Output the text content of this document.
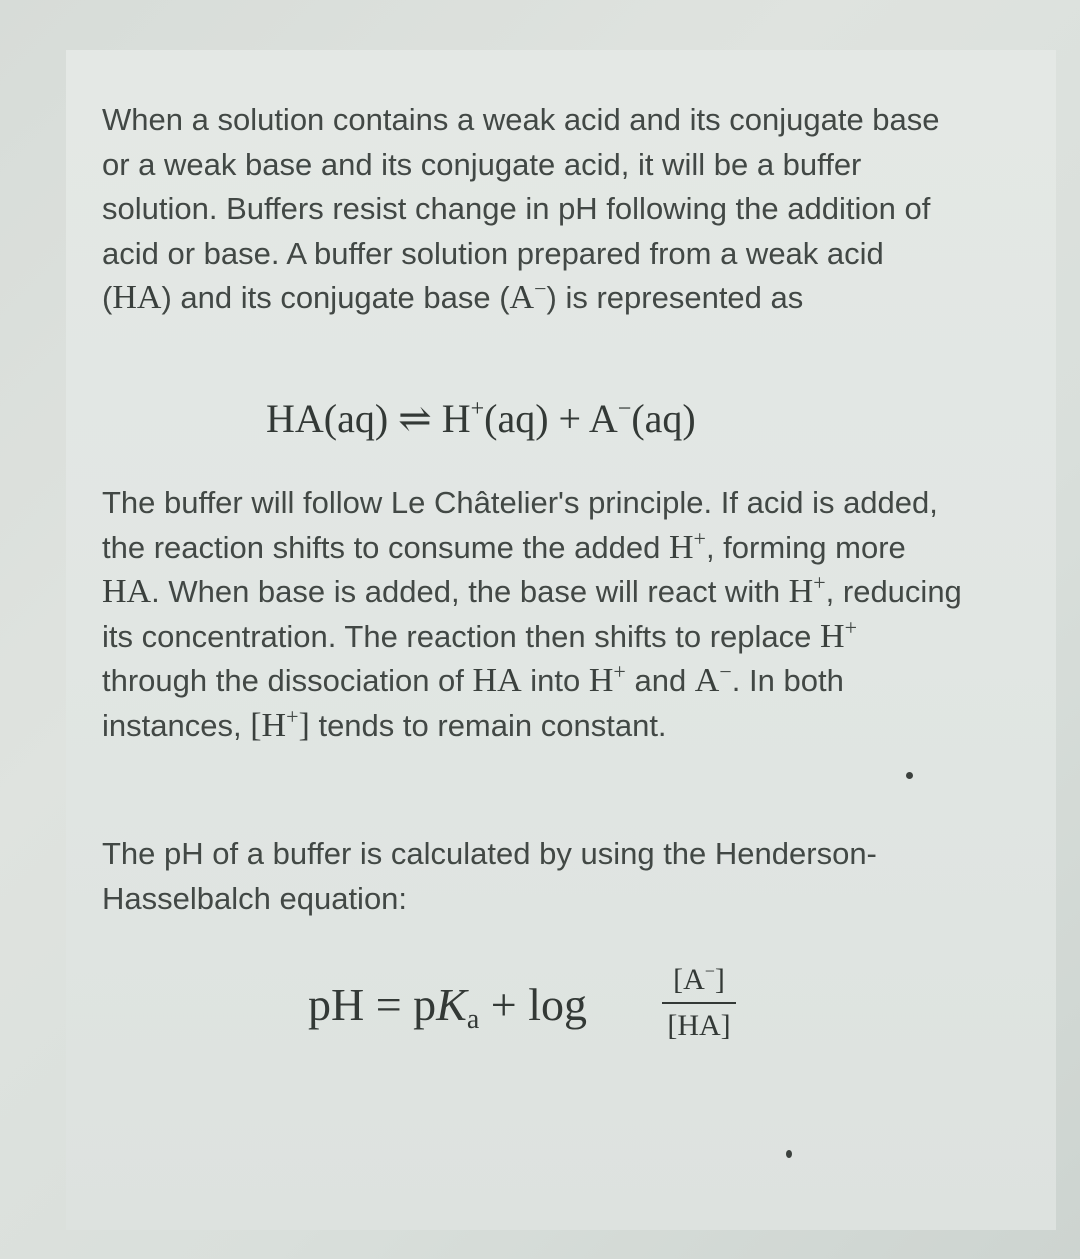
When a solution contains a weak acid and its conjugate base or a weak base and its conjugate acid, it will be a buffer solution. Buffers resist change in pH following the addition of acid or base. A buffer solution prepared from a weak acid (HA) and its conjugate base (A−) is represented as

HA(aq) ⇌ H+(aq) + A−(aq)

The buffer will follow Le Châtelier's principle. If acid is added, the reaction shifts to consume the added H+, forming more HA. When base is added, the base will react with H+, reducing its concentration. The reaction then shifts to replace H+ through the dissociation of HA into H+ and A−. In both instances, [H+] tends to remain constant.

The pH of a buffer is calculated by using the Henderson-Hasselbalch equation:

pH = $pK_a + \log$	[A−]
[HA]
